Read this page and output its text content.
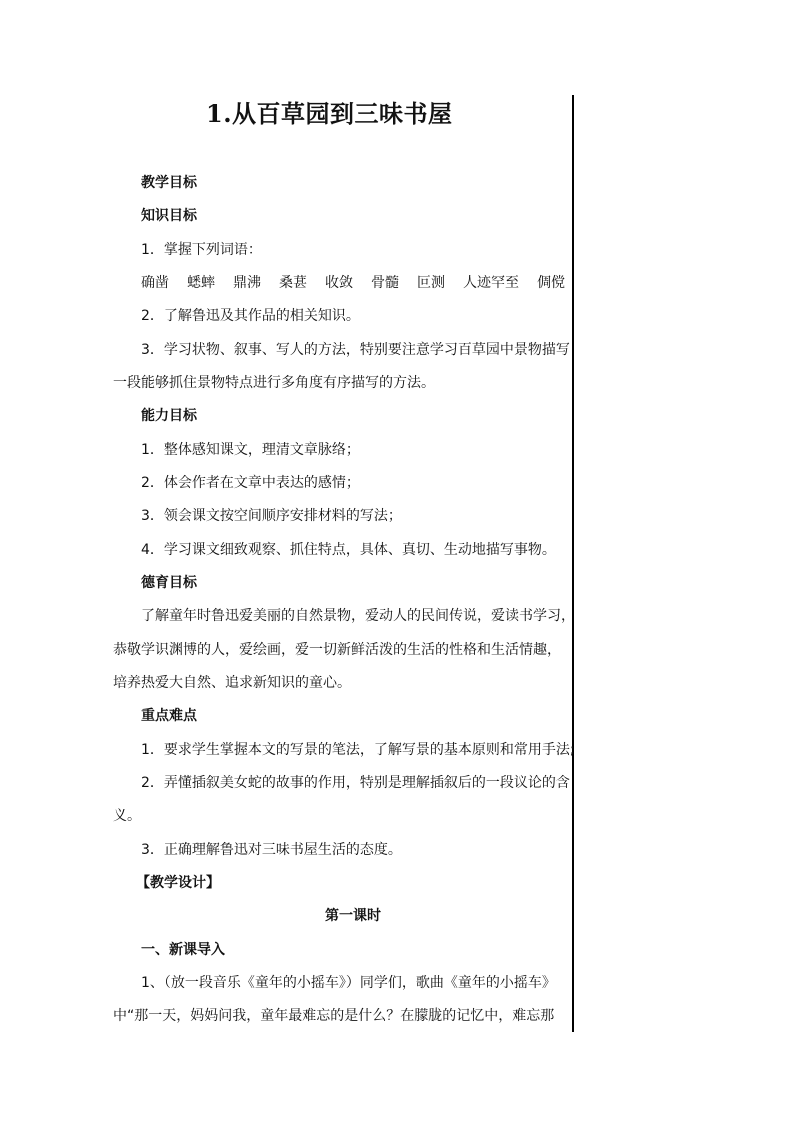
1.从百草园到三味书屋
教学目标
知识目标
1．掌握下列词语：
确凿 蟋蟀 鼎沸 桑葚 收敛 骨髓 叵测 人迹罕至 倜傥
2．了解鲁迅及其作品的相关知识。
3．学习状物、叙事、写人的方法，特别要注意学习百草园中景物描写
一段能够抓住景物特点进行多角度有序描写的方法。
能力目标
1．整体感知课文，理清文章脉络；
2．体会作者在文章中表达的感情；
3．领会课文按空间顺序安排材料的写法；
4．学习课文细致观察、抓住特点，具体、真切、生动地描写事物。
德育目标
了解童年时鲁迅爱美丽的自然景物，爱动人的民间传说，爱读书学习，
恭敬学识渊博的人，爱绘画，爱一切新鲜活泼的生活的性格和生活情趣，
培养热爱大自然、追求新知识的童心。
重点难点
1．要求学生掌握本文的写景的笔法，了解写景的基本原则和常用手法;
2．弄懂插叙美女蛇的故事的作用，特别是理解插叙后的一段议论的含
义。
3．正确理解鲁迅对三味书屋生活的态度。
【教学设计】
第一课时
一、新课导入
1、（放一段音乐《童年的小摇车》）同学们，歌曲《童年的小摇车》
中“那一天，妈妈问我，童年最难忘的是什么？在朦胧的记忆中，难忘那
